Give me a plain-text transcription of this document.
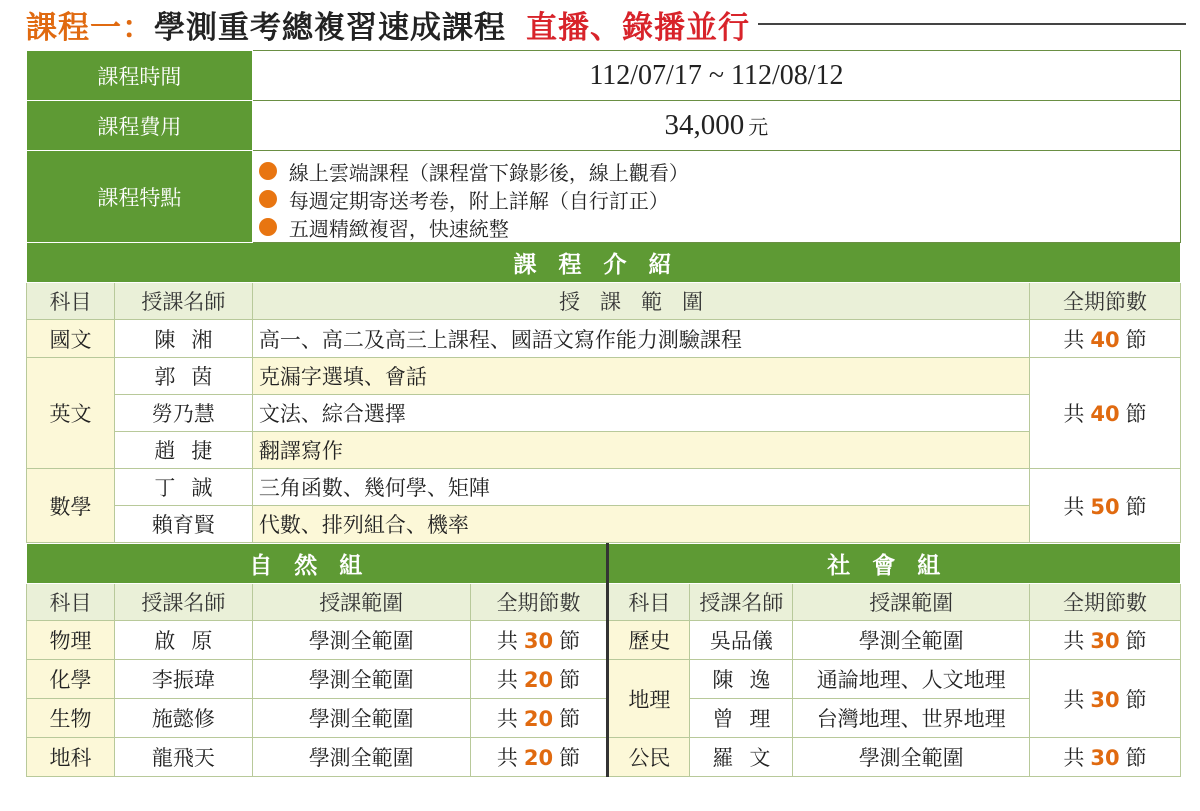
課程一： 學測重考總複習速成課程 直播、錄播並行
課程時間		112/07/17 ~ 112/08/12	
課程費用		34,000 元	
課程特點		線上雲端課程（課程當下錄影後，線上觀看）
每週定期寄送考卷，附上詳解（自行訂正）
五週精緻複習，快速統整	

課程介紹			
科目	授課名師	授課範圍	全期節數
國文	陳湘	高一、高二及高三上課程、國語文寫作能力測驗課程	共 40 節
英文	郭茵	克漏字選填、會話	共 40 節
	勞乃慧	文法、綜合選擇	
	趙捷	翻譯寫作	
數學	丁誠	三角函數、幾何學、矩陣	共 50 節
	賴育賢	代數、排列組合、機率	
自然組				社會組			
科目	授課名師	授課範圍	全期節數	科目	授課名師	授課範圍	全期節數
物理	啟原	學測全範圍	共 30 節	歷史	吳品儀	學測全範圍	共 30 節
化學	李振瑋	學測全範圍	共 20 節	地理	陳逸	通論地理、人文地理	共 30 節
生物	施懿修	學測全範圍	共 20 節		曾理	台灣地理、世界地理	
地科	龍飛天	學測全範圍	共 20 節	公民	羅文	學測全範圍	共 30 節
